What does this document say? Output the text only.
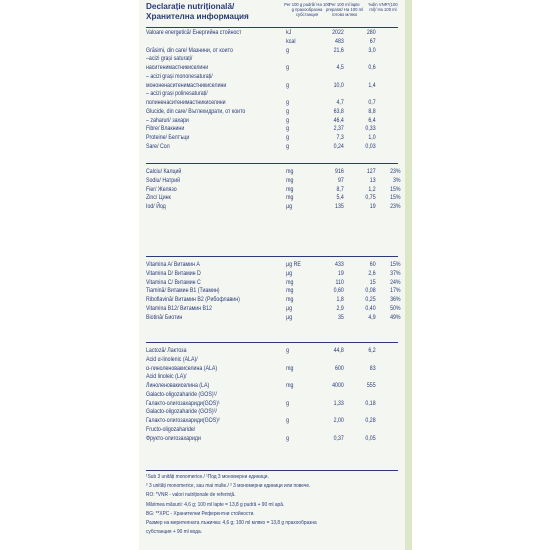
Declarație nutrițională/
Хранителна информация
Per 100 g pudră/ На 100 g прахообразна субстанция
Per 100 ml lapte preparat/ На 100 ml готово мляко
%din VNR*(100 ml)/ На 100 ml
Valoare energetică/ Енергийна стойност	kJ	2022	280
kcal	483	67
Grăsimi, din care/ Мазнини, от които	g	21,6	3,0
–acizi grași saturați/
наситенимастникиселини	g	4,5	0,6
– acizi grași mononesaturați/
мононенаситенимастникиселини	g	10,0	1,4
– acizi grași polinesaturați/
полиненаситенимастникиселини	g	4,7	0,7
Glucide, din care/ Въглехидрати, от които	g	63,8	8,8
– zaharuri/ захари	g	46,4	6,4
Fibre/ Влакнини	g	2,37	0,33
Proteine/ Белтъци	g	7,3	1,0
Sare/ Сол	g	0,24	0,03
Calciu/ Калций	mg	916	127	23%
Sodiu/ Натрий	mg	97	13	3%
Fier/ Желязо	mg	8,7	1,2	15%
Zinc/ Цинк	mg	5,4	0,75	15%
Iod/ Йод	µg	135	19	23%
Vitamina A/ Витамин A	µg RE	433	60	15%
Vitamina D/ Витамин D	µg	19	2,6	37%
Vitamina C/ Витамин C	mg	110	15	24%
Tiamină/ Витамин B1 (Тиамин)	mg	0,60	0,08	17%
Riboflavină/ Витамин B2 (Рибофлавин)	mg	1,8	0,25	36%
Vitamina B12/ Витамин B12	µg	2,9	0,40	50%
Biotină/ Биотин	µg	35	4,9	49%
Lactoză/ Лактоза	g	44,8	6,2
Acid α-linolenic (ALA)/
α-линоленовакиселина (ALA)	mg	600	83
Acid linoleic (LA)/
Линоленовакиселина (LA)	mg	4000	555
Galacto-oligozaharide (GOS)¹/
Галакто-олигозахариди(GOS)¹	g	1,33	0,18
Galacto-oligozaharide (GOS)²/
Галакто-олигозахариди(GOS)²	g	2,00	0,28
Fructo-oligozaharide/
Фрукто-олигозахариди	g	0,37	0,05
¹Sub 3 unități monomerice./ ¹Под 3 мономерни единици.
² 3 unități monomerice, sau mai multe./ ² 3 мономерни единици или повече.
RO: *VNR - valori nutriționale de referință.
Mărimea măsurii: 4,6 g; 100 ml lapte = 13,8 g pudră + 90 ml apă.
BG: **ХРС - Хранителни Референтни стойности.
Размер на мерителната лъжичка: 4,6 g; 100 ml мляко = 13,8 g прахообразна
субстанция + 90 ml вода.
